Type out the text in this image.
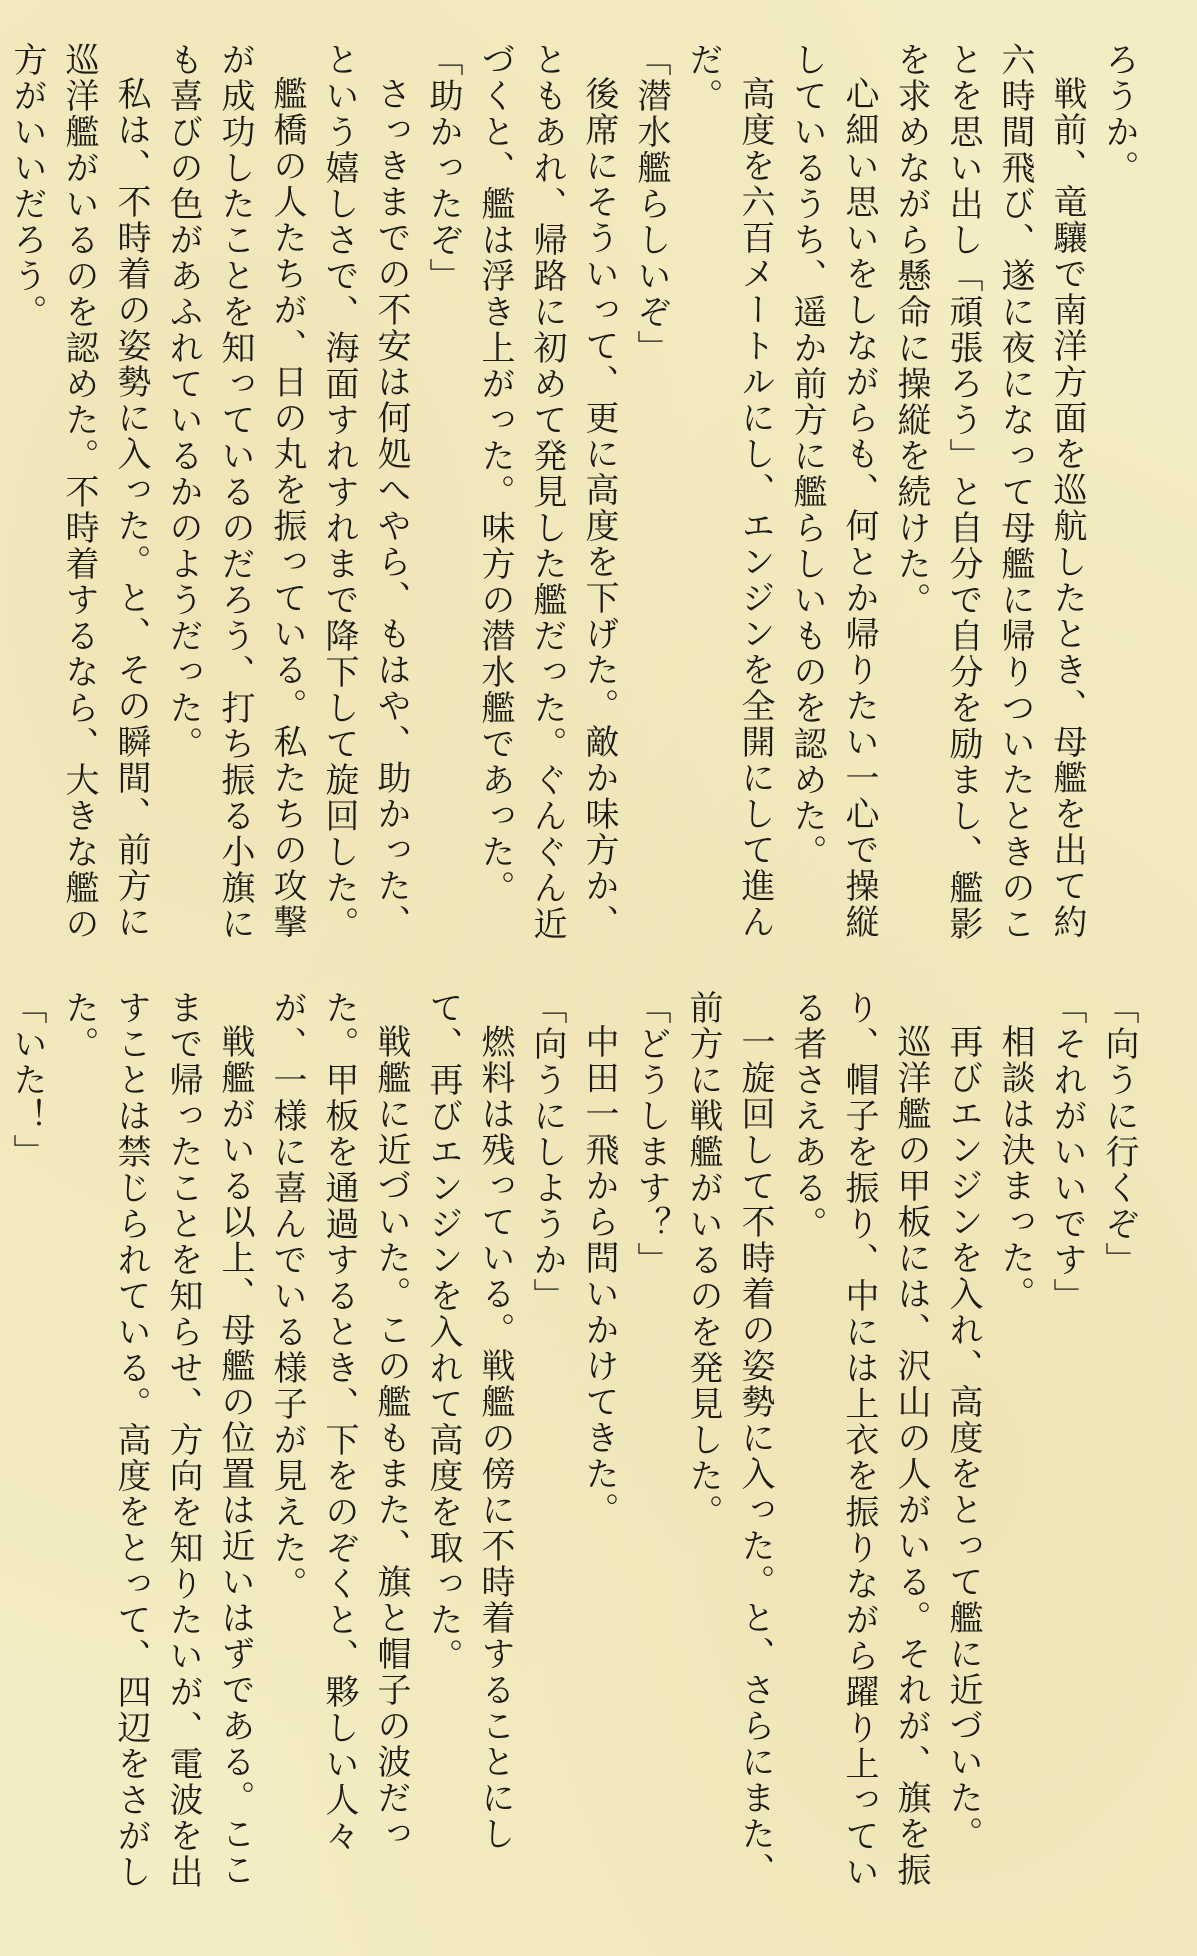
ろうか。

戦前、竜驤で南洋方面を巡航したとき、母艦を出て約六時間飛び、遂に夜になって母艦に帰りついたときのことを思い出し「頑張ろう」と自分で自分を励まし、艦影を求めながら懸命に操縦を続けた。

心細い思いをしながらも、何とか帰りたい一心で操縦しているうち、遥か前方に艦らしいものを認めた。

高度を六百メートルにし、エンジンを全開にして進んだ。

「潜水艦らしいぞ」

後席にそういって、更に高度を下げた。敵か味方か、ともあれ、帰路に初めて発見した艦だった。ぐんぐん近づくと、艦は浮き上がった。味方の潜水艦であった。

「助かったぞ」

さっきまでの不安は何処へやら、もはや、助かった、という嬉しさで、海面すれすれまで降下して旋回した。

艦橋の人たちが、日の丸を振っている。私たちの攻撃が成功したことを知っているのだろう、打ち振る小旗にも喜びの色があふれているかのようだった。

私は、不時着の姿勢に入った。と、その瞬間、前方に巡洋艦がいるのを認めた。不時着するなら、大きな艦の方がいいだろう。

「向うに行くぞ」

「それがいいです」

相談は決まった。

再びエンジンを入れ、高度をとって艦に近づいた。

巡洋艦の甲板には、沢山の人がいる。それが、旗を振り、帽子を振り、中には上衣を振りながら躍り上っている者さえある。

一旋回して不時着の姿勢に入った。と、さらにまた、前方に戦艦がいるのを発見した。

「どうします？」

中田一飛から問いかけてきた。

「向うにしようか」

燃料は残っている。戦艦の傍に不時着することにして、再びエンジンを入れて高度を取った。

戦艦に近づいた。この艦もまた、旗と帽子の波だった。甲板を通過するとき、下をのぞくと、夥しい人々が、一様に喜んでいる様子が見えた。

戦艦がいる以上、母艦の位置は近いはずである。ここまで帰ったことを知らせ、方向を知りたいが、電波を出すことは禁じられている。高度をとって、四辺をさがした。

「いた！」
